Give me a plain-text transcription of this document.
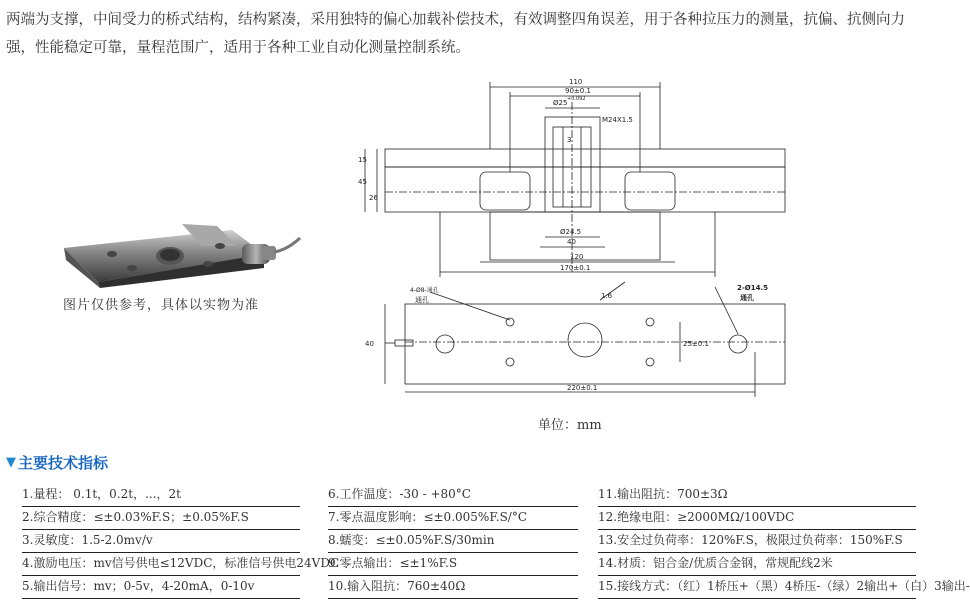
两端为支撑，中间受力的桥式结构，结构紧凑，采用独特的偏心加载补偿技术，有效调整四角误差，用于各种拉压力的测量，抗偏、抗侧向力强，性能稳定可靠，量程范围广，适用于各种工业自动化测量控制系统。
图片仅供参考，具体以实物为准
110
90±0.1
Ø25 +0.092
M24X1.5
3
15
45
26
Ø24.5
40
120
170±0.1
4-Ø8-通孔
通孔	1.6
2-Ø14.5
通孔
25±0.1
40
220±0.1
单位：mm
▼ 主要技术指标
1.量程： 0.1t，0.2t，...，2t
2.综合精度：≤±0.03%F.S；±0.05%F.S
3.灵敏度：1.5-2.0mv/v
4.激励电压：mv信号供电≤12VDC，标准信号供电24VDC
5.输出信号：mv；0-5v，4-20mA，0-10v
6.工作温度：-30 - +80°C
7.零点温度影响：≤±0.005%F.S/°C
8.蠕变：≤±0.05%F.S/30min
9.零点输出：≤±1%F.S
10.输入阻抗：760±40Ω
11.输出阻抗：700±3Ω
12.绝缘电阻：≥2000MΩ/100VDC
13.安全过负荷率：120%F.S，极限过负荷率：150%F.S
14.材质：铝合金/优质合金钢，常规配线2米
15.接线方式：（红）1桥压+（黑）4桥压-（绿）2输出+（白）3输出-
